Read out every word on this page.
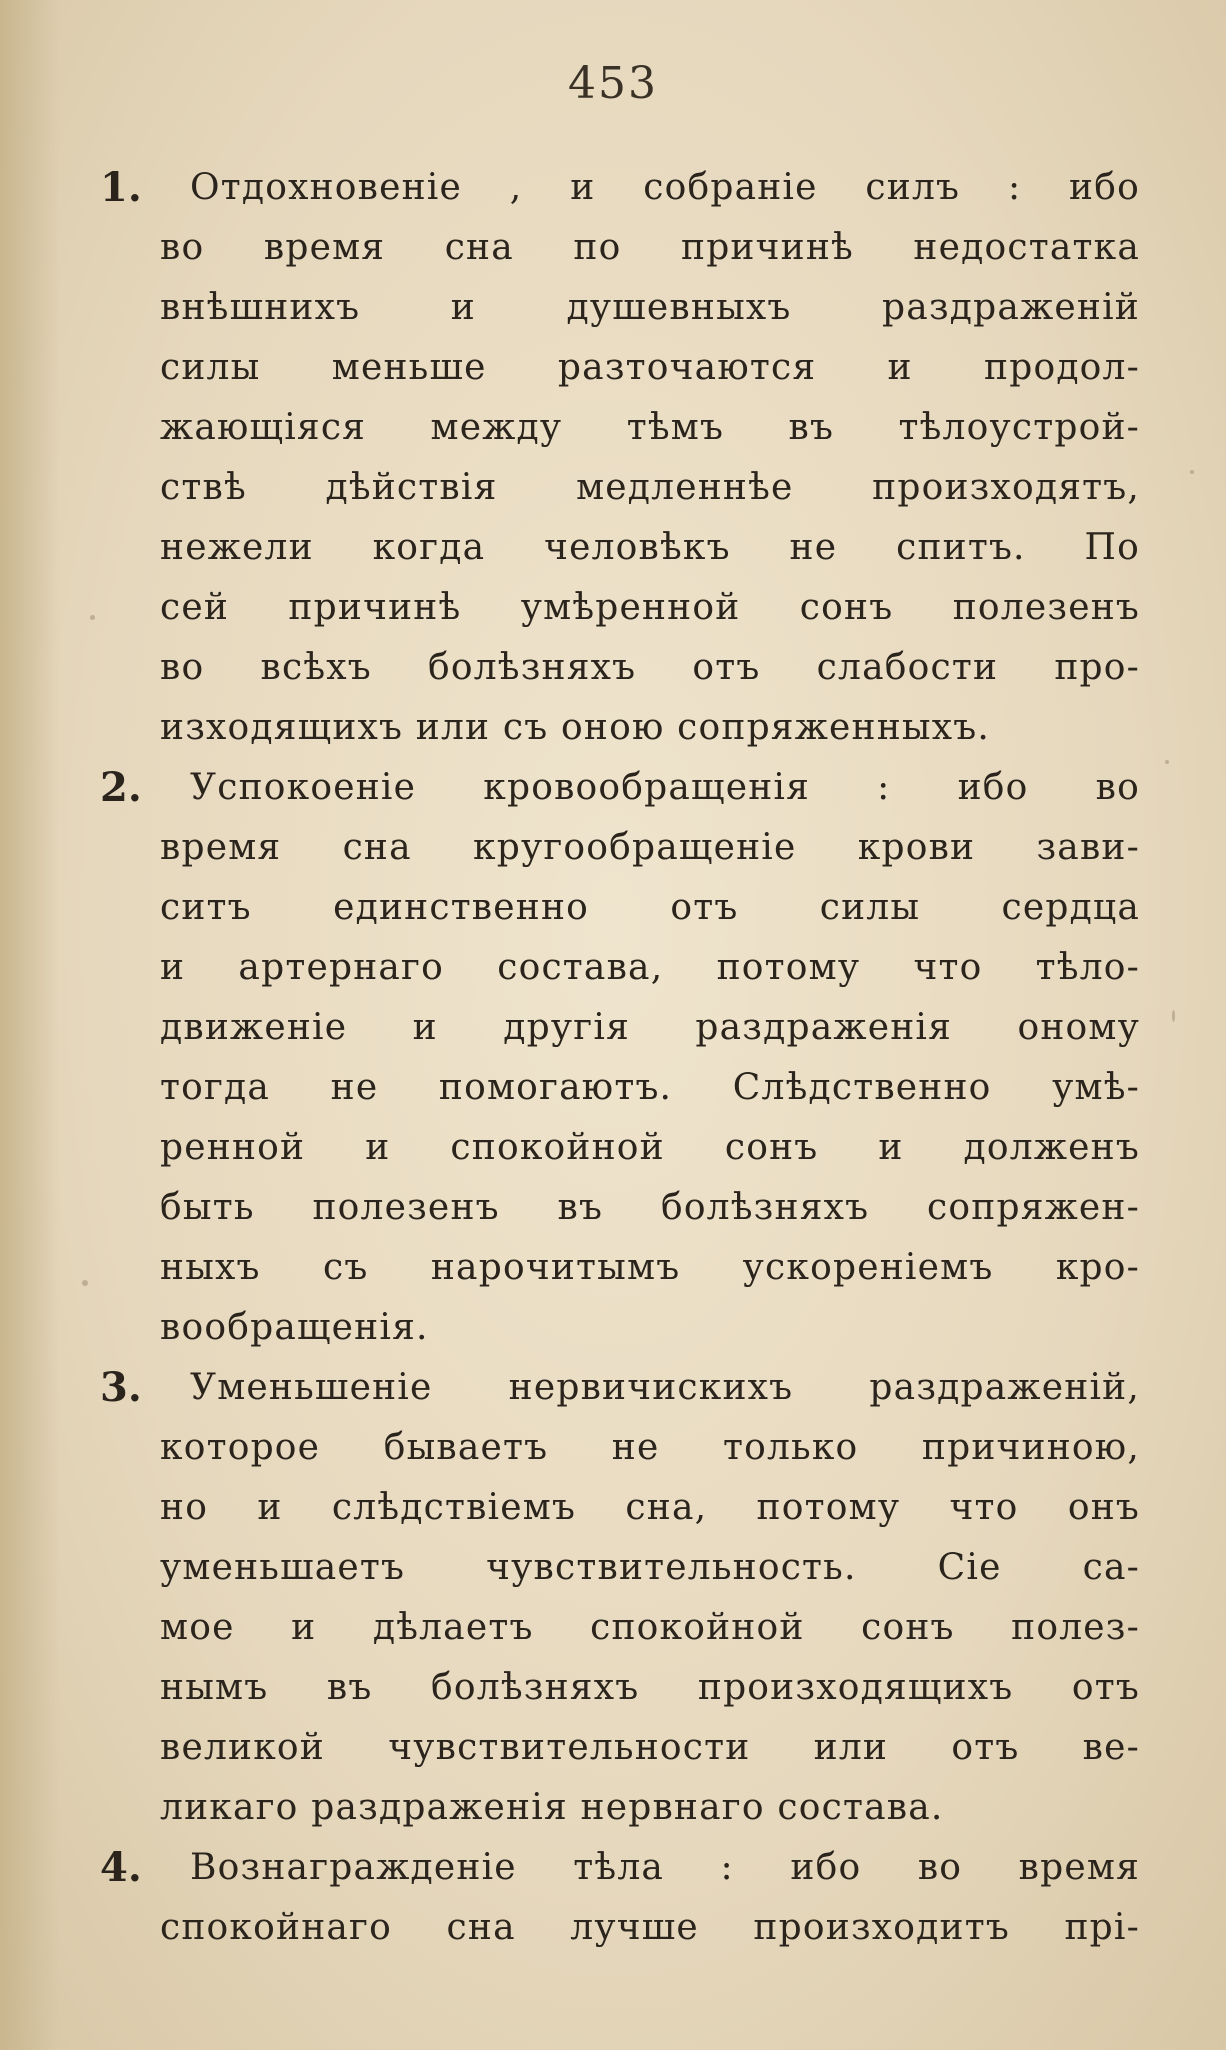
453
1.	Отдохновеніе , и собраніе силъ : ибо
во время сна по причинѣ недостатка
внѣшнихъ и душевныхъ раздраженій
силы меньше разточаются и продол-
жающіяся между тѣмъ въ тѣлоустрой-
ствѣ дѣйствія медленнѣе произходятъ,
нежели когда человѣкъ не спитъ. По
сей причинѣ умѣренной сонъ полезенъ
во всѣхъ болѣзняхъ отъ слабости про-
изходящихъ или съ оною сопряженныхъ.
2.	Успокоеніе кровообращенія : ибо во
время сна кругообращеніе крови зави-
ситъ единственно отъ силы сердца
и артернаго состава, потому что тѣло-
движеніе и другія раздраженія оному
тогда не помогаютъ. Слѣдственно умѣ-
ренной и спокойной сонъ и долженъ
быть полезенъ въ болѣзняхъ сопряжен-
ныхъ съ нарочитымъ ускореніемъ кро-
вообращенія.
3.	Уменьшеніе нервичискихъ раздраженій,
которое бываетъ не только причиною,
но и слѣдствіемъ сна, потому что онъ
уменьшаетъ чувствительность. Сіе са-
мое и дѣлаетъ спокойной сонъ полез-
нымъ въ болѣзняхъ произходящихъ отъ
великой чувствительности или отъ ве-
ликаго раздраженія нервнаго состава.
4.	Вознагражденіе тѣла : ибо во время
спокойнаго сна лучше произходитъ прі-
